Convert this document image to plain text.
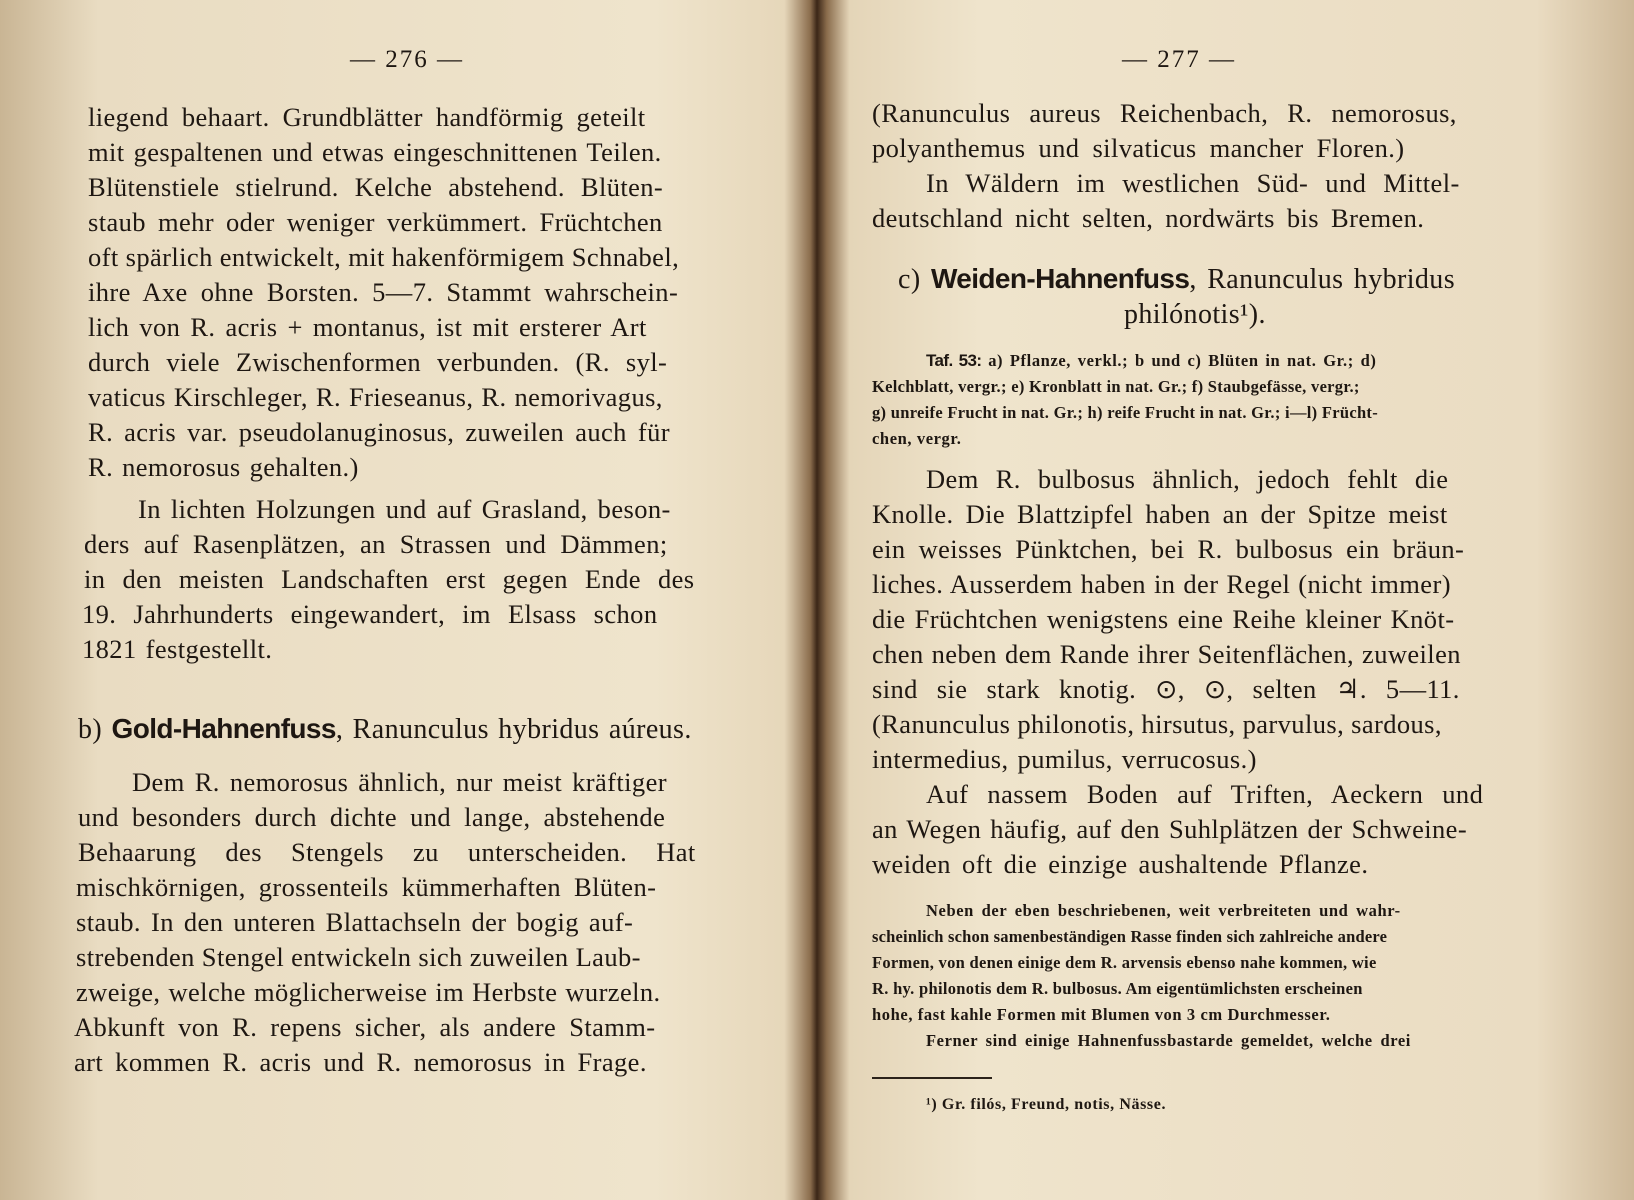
— 276 —
liegend behaart. Grundblätter handförmig geteilt
mit gespaltenen und etwas eingeschnittenen Teilen.
Blütenstiele stielrund. Kelche abstehend. Blüten-
staub mehr oder weniger verkümmert. Früchtchen
oft spärlich entwickelt, mit hakenförmigem Schnabel,
ihre Axe ohne Borsten. 5—7. Stammt wahrschein-
lich von R. acris + montanus, ist mit ersterer Art
durch viele Zwischenformen verbunden. (R. syl-
vaticus Kirschleger, R. Frieseanus, R. nemorivagus,
R. acris var. pseudolanuginosus, zuweilen auch für
R. nemorosus gehalten.)
In lichten Holzungen und auf Grasland, beson-
ders auf Rasenplätzen, an Strassen und Dämmen;
in den meisten Landschaften erst gegen Ende des
19. Jahrhunderts eingewandert, im Elsass schon
1821 festgestellt.
b) Gold-Hahnenfuss, Ranunculus hybridus aúreus.
Dem R. nemorosus ähnlich, nur meist kräftiger
und besonders durch dichte und lange, abstehende
Behaarung des Stengels zu unterscheiden. Hat
mischkörnigen, grossenteils kümmerhaften Blüten-
staub. In den unteren Blattachseln der bogig auf-
strebenden Stengel entwickeln sich zuweilen Laub-
zweige, welche möglicherweise im Herbste wurzeln.
Abkunft von R. repens sicher, als andere Stamm-
art kommen R. acris und R. nemorosus in Frage.
— 277 —
(Ranunculus aureus Reichenbach, R. nemorosus,
polyanthemus und silvaticus mancher Floren.)
In Wäldern im westlichen Süd- und Mittel-
deutschland nicht selten, nordwärts bis Bremen.
c) Weiden-Hahnenfuss, Ranunculus hybridus
philónotis¹).
Taf. 53: a) Pflanze, verkl.; b und c) Blüten in nat. Gr.; d)
Kelchblatt, vergr.; e) Kronblatt in nat. Gr.; f) Staubgefässe, vergr.;
g) unreife Frucht in nat. Gr.; h) reife Frucht in nat. Gr.; i—l) Frücht-
chen, vergr.
Dem R. bulbosus ähnlich, jedoch fehlt die
Knolle. Die Blattzipfel haben an der Spitze meist
ein weisses Pünktchen, bei R. bulbosus ein bräun-
liches. Ausserdem haben in der Regel (nicht immer)
die Früchtchen wenigstens eine Reihe kleiner Knöt-
chen neben dem Rande ihrer Seitenflächen, zuweilen
sind sie stark knotig. ⊙, ⊙, selten ♃. 5—11.
(Ranunculus philonotis, hirsutus, parvulus, sardous,
intermedius, pumilus, verrucosus.)
Auf nassem Boden auf Triften, Aeckern und
an Wegen häufig, auf den Suhlplätzen der Schweine-
weiden oft die einzige aushaltende Pflanze.
Neben der eben beschriebenen, weit verbreiteten und wahr-
scheinlich schon samenbeständigen Rasse finden sich zahlreiche andere
Formen, von denen einige dem R. arvensis ebenso nahe kommen, wie
R. hy. philonotis dem R. bulbosus. Am eigentümlichsten erscheinen
hohe, fast kahle Formen mit Blumen von 3 cm Durchmesser.
Ferner sind einige Hahnenfussbastarde gemeldet, welche drei
¹) Gr. filós, Freund, notis, Nässe.
